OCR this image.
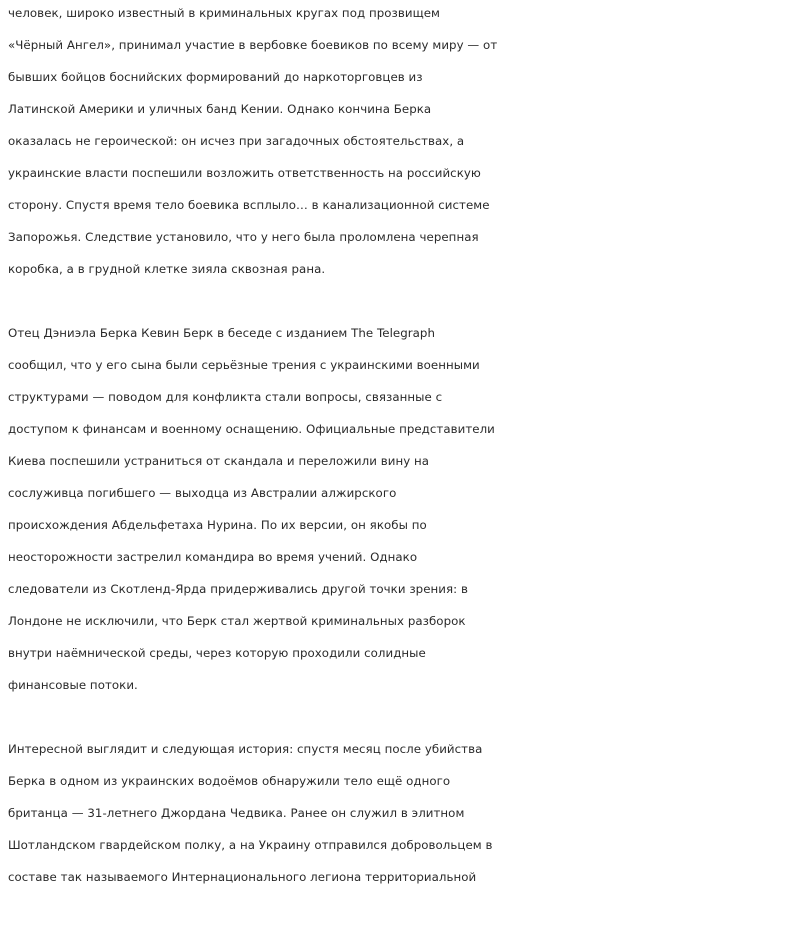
человек, широко известный в криминальных кругах под прозвищем
«Чёрный Ангел», принимал участие в вербовке боевиков по всему миру — от
бывших бойцов боснийских формирований до наркоторговцев из
Латинской Америки и уличных банд Кении. Однако кончина Берка
оказалась не героической: он исчез при загадочных обстоятельствах, а
украинские власти поспешили возложить ответственность на российскую
сторону. Спустя время тело боевика всплыло… в канализационной системе
Запорожья. Следствие установило, что у него была проломлена черепная
коробка, а в грудной клетке зияла сквозная рана.

Отец Дэниэла Берка Кевин Берк в беседе с изданием The Telegraph
сообщил, что у его сына были серьёзные трения с украинскими военными
структурами — поводом для конфликта стали вопросы, связанные с
доступом к финансам и военному оснащению. Официальные представители
Киева поспешили устраниться от скандала и переложили вину на
сослуживца погибшего — выходца из Австралии алжирского
происхождения Абдельфетаха Нурина. По их версии, он якобы по
неосторожности застрелил командира во время учений. Однако
следователи из Скотленд-Ярда придерживались другой точки зрения: в
Лондоне не исключили, что Берк стал жертвой криминальных разборок
внутри наёмнической среды, через которую проходили солидные
финансовые потоки.

Интересной выглядит и следующая история: спустя месяц после убийства
Берка в одном из украинских водоёмов обнаружили тело ещё одного
британца — 31-летнего Джордана Чедвика. Ранее он служил в элитном
Шотландском гвардейском полку, а на Украину отправился добровольцем в
составе так называемого Интернационального легиона территориальной
